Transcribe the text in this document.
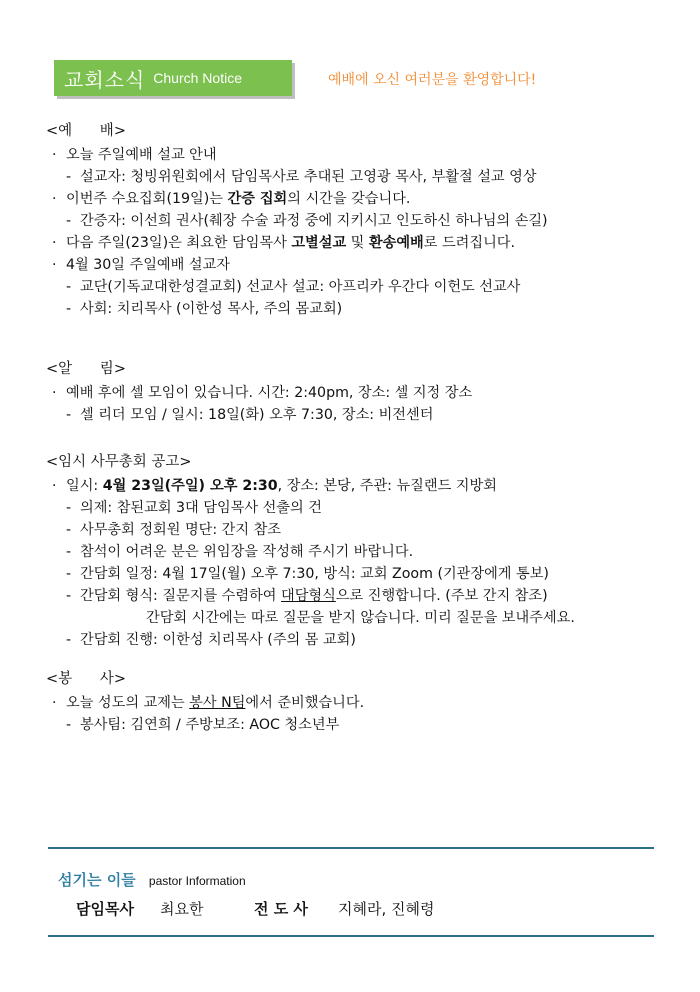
교회소식 Church Notice	예배에 오신 여러분을 환영합니다!
<예      배>
· 오늘 주일예배 설교 안내
- 설교자: 청빙위원회에서 담임목사로 추대된 고영광 목사, 부활절 설교 영상
· 이번주 수요집회(19일)는 간증 집회의 시간을 갖습니다.
- 간증자: 이선희 권사(췌장 수술 과정 중에 지키시고 인도하신 하나님의 손길)
· 다음 주일(23일)은 최요한 담임목사 고별설교 및 환송예배로 드려집니다.
· 4월 30일 주일예배 설교자
- 교단(기독교대한성결교회) 선교사 설교: 아프리카 우간다 이헌도 선교사
- 사회: 치리목사 (이한성 목사, 주의 몸교회)
<알      림>
· 예배 후에 셀 모임이 있습니다. 시간: 2:40pm, 장소: 셀 지정 장소
- 셀 리더 모임 / 일시: 18일(화) 오후 7:30, 장소: 비전센터
<임시 사무총회 공고>
· 일시: 4월 23일(주일) 오후 2:30, 장소: 본당, 주관: 뉴질랜드 지방회
- 의제: 참된교회 3대 담임목사 선출의 건
- 사무총회 정회원 명단: 간지 참조
- 참석이 어려운 분은 위임장을 작성해 주시기 바랍니다.
- 간담회 일정: 4월 17일(월) 오후 7:30, 방식: 교회 Zoom (기관장에게 통보)
- 간담회 형식: 질문지를 수렴하여 대담형식으로 진행합니다. (주보 간지 참조)
간담회 시간에는 따로 질문을 받지 않습니다. 미리 질문을 보내주세요.
- 간담회 진행: 이한성 치리목사 (주의 몸 교회)
<봉      사>
· 오늘 성도의 교제는 봉사 N팀에서 준비했습니다.
- 봉사팀: 김연희 / 주방보조: AOC 청소년부
섬기는 이들 pastor Information
담임목사 최요한	전 도 사 지혜라, 진혜령
